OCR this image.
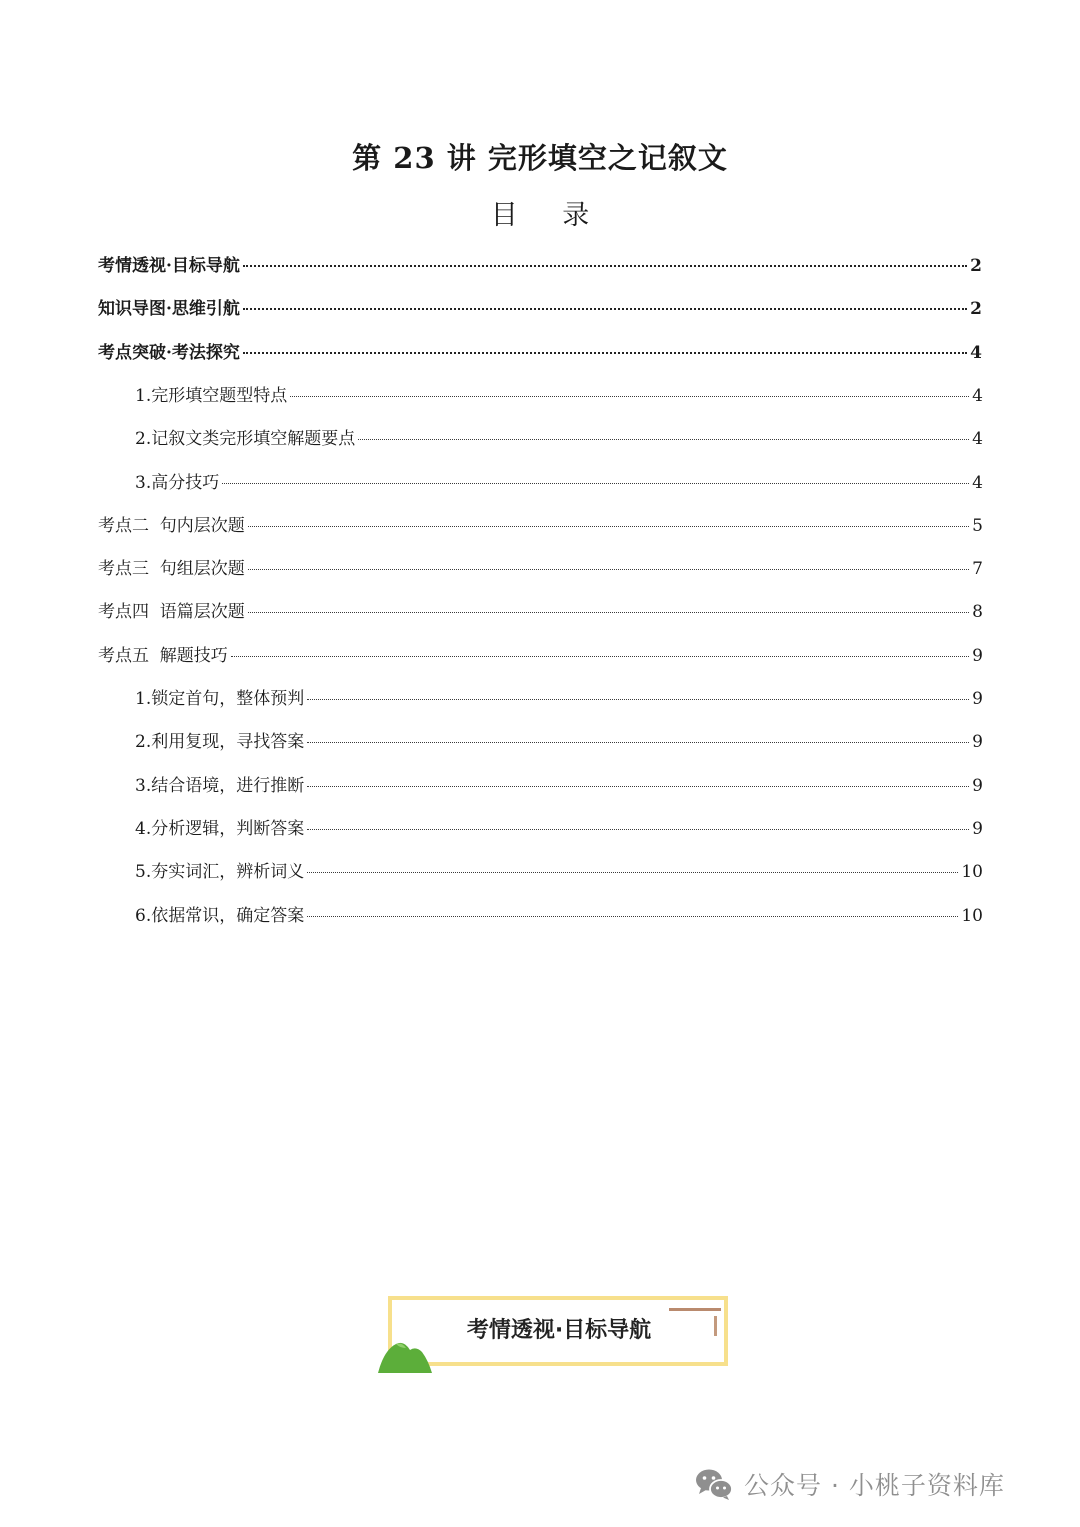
第 23 讲 完形填空之记叙文
目 录
考情透视·目标导航	2
知识导图·思维引航	2
考点突破·考法探究	4
1.完形填空题型特点	4
2.记叙文类完形填空解题要点	4
3.高分技巧	4
考点二  句内层次题	5
考点三  句组层次题	7
考点四  语篇层次题	8
考点五  解题技巧	9
1.锁定首句，整体预判	9
2.利用复现，寻找答案	9
3.结合语境，进行推断	9
4.分析逻辑，判断答案	9
5.夯实词汇，辨析词义	10
6.依据常识，确定答案	10
考情透视·目标导航
公众号 · 小桃子资料库
